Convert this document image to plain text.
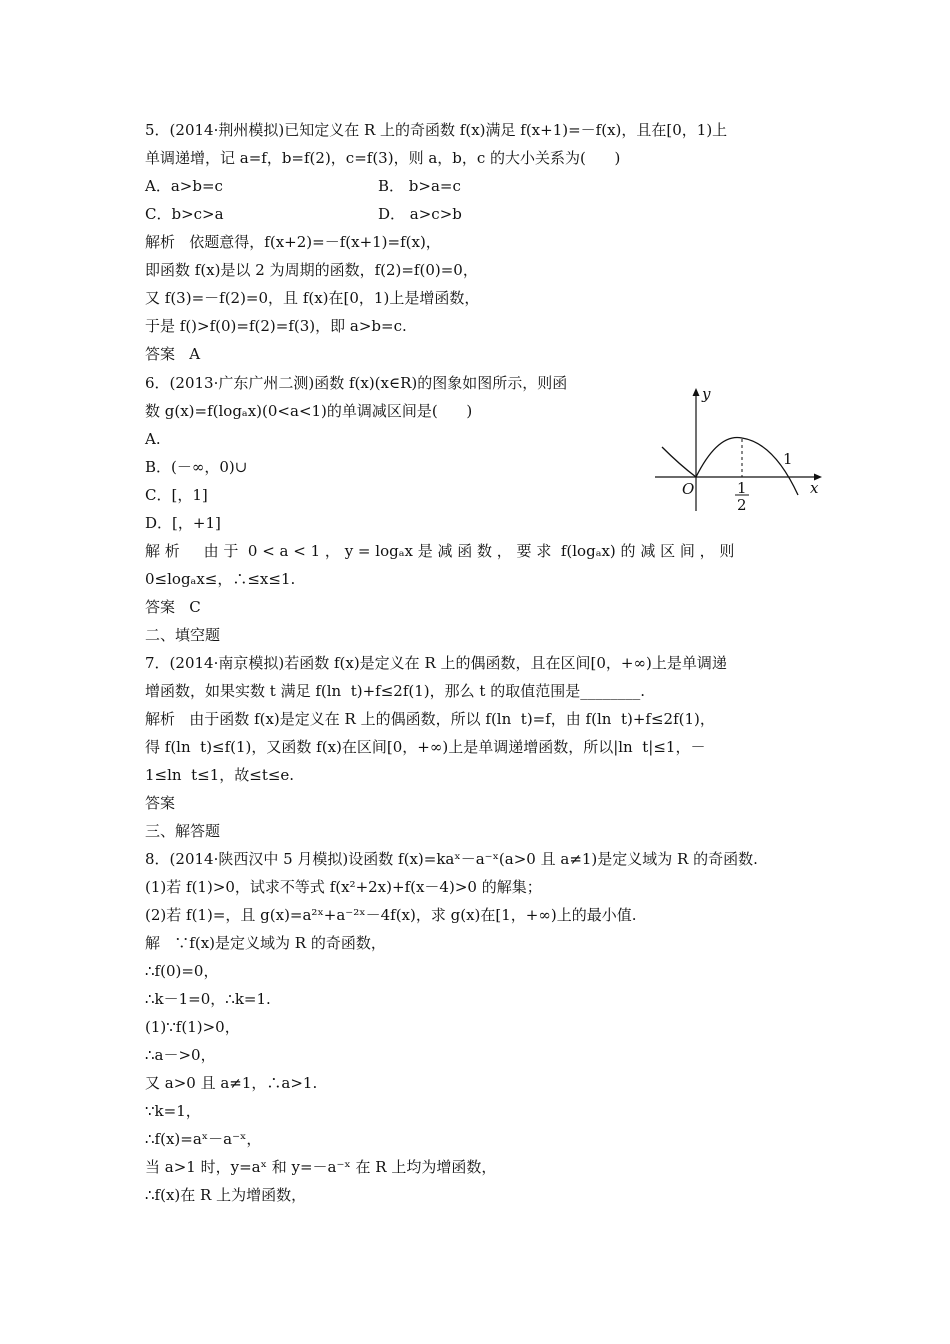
5．(2014·荆州模拟)已知定义在 R 上的奇函数 f(x)满足 f(x+1)=－f(x)，且在[0，1)上
单调递增，记 a=f，b=f(2)，c=f(3)，则 a，b，c 的大小关系为(      )
A．a>b=c	B． b>a=c
C．b>c>a	D． a>c>b
解析   依题意得，f(x+2)=－f(x+1)=f(x)，
即函数 f(x)是以 2 为周期的函数，f(2)=f(0)=0，
又 f(3)=－f(2)=0，且 f(x)在[0，1)上是增函数，
于是 f()>f(0)=f(2)=f(3)，即 a>b=c.
答案   A
6．(2013·广东广州二测)函数 f(x)(x∈R)的图象如图所示，则函
数 g(x)=f(logₐx)(0<a<1)的单调减区间是(      )
A.
B．(－∞，0)∪
C．[，1]
D．[，+1]
y
x
O	1
2
1
解 析     由 于  0 < a < 1 ， y = logₐx 是 减 函 数 ， 要 求  f(logₐx) 的 减 区 间 ， 则
0≤logₐx≤，∴≤x≤1.
答案   C
二、填空题
7．(2014·南京模拟)若函数 f(x)是定义在 R 上的偶函数，且在区间[0，+∞)上是单调递
增函数，如果实数 t 满足 f(ln  t)+f≤2f(1)，那么 t 的取值范围是________.
解析   由于函数 f(x)是定义在 R 上的偶函数，所以 f(ln  t)=f，由 f(ln  t)+f≤2f(1)，
得 f(ln  t)≤f(1)，又函数 f(x)在区间[0，+∞)上是单调递增函数，所以|ln  t|≤1，－
1≤ln  t≤1，故≤t≤e.
答案
三、解答题
8．(2014·陕西汉中 5 月模拟)设函数 f(x)=kaˣ－a⁻ˣ(a>0 且 a≠1)是定义域为 R 的奇函数.
(1)若 f(1)>0，试求不等式 f(x²+2x)+f(x－4)>0 的解集；
(2)若 f(1)=，且 g(x)=a²ˣ+a⁻²ˣ－4f(x)，求 g(x)在[1，+∞)上的最小值.
解   ∵f(x)是定义域为 R 的奇函数，
∴f(0)=0，
∴k－1=0，∴k=1.
(1)∵f(1)>0，
∴a－>0，
又 a>0 且 a≠1，∴a>1.
∵k=1，
∴f(x)=aˣ－a⁻ˣ，
当 a>1 时，y=aˣ 和 y=－a⁻ˣ 在 R 上均为增函数，
∴f(x)在 R 上为增函数，
